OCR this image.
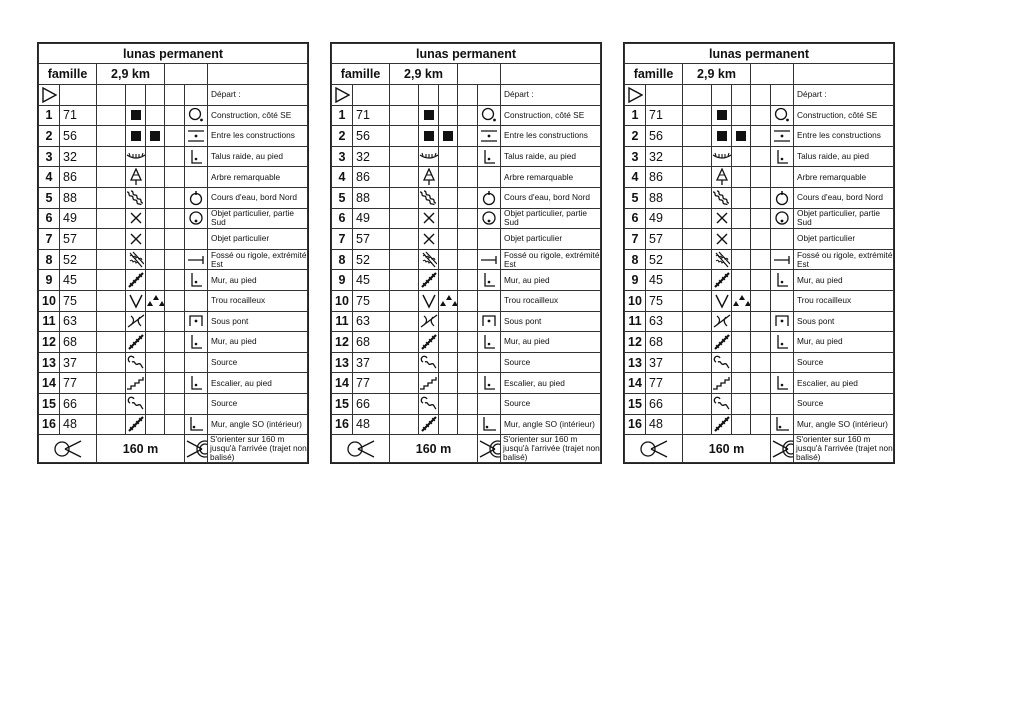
lunas permanent							
famille		2,9 km					

							Départ :
1	71						Construction, côté SE
2	56						Entre les constructions
3	32						Talus raide, au pied
4	86						Arbre remarquable
5	88						Cours d'eau, bord Nord
6	49						Objet particulier, partie Sud
7	57						Objet particulier
8	52						Fossé ou rigole, extrémité Est
9	45						Mur, au pied
10	75						Trou rocailleux
11	63						Sous pont
12	68						Mur, au pied
13	37						Source
14	77						Escalier, au pied
15	66						Source
16	48						Mur, angle SO (intérieur)

	160 m					S'orienter sur 160 m jusqu'à l'arrivée (trajet non balisé)
lunas permanent							
famille		2,9 km					

							Départ :
1	71						Construction, côté SE
2	56						Entre les constructions
3	32						Talus raide, au pied
4	86						Arbre remarquable
5	88						Cours d'eau, bord Nord
6	49						Objet particulier, partie Sud
7	57						Objet particulier
8	52						Fossé ou rigole, extrémité Est
9	45						Mur, au pied
10	75						Trou rocailleux
11	63						Sous pont
12	68						Mur, au pied
13	37						Source
14	77						Escalier, au pied
15	66						Source
16	48						Mur, angle SO (intérieur)

	160 m					S'orienter sur 160 m jusqu'à l'arrivée (trajet non balisé)
lunas permanent							
famille		2,9 km					

							Départ :
1	71						Construction, côté SE
2	56						Entre les constructions
3	32						Talus raide, au pied
4	86						Arbre remarquable
5	88						Cours d'eau, bord Nord
6	49						Objet particulier, partie Sud
7	57						Objet particulier
8	52						Fossé ou rigole, extrémité Est
9	45						Mur, au pied
10	75						Trou rocailleux
11	63						Sous pont
12	68						Mur, au pied
13	37						Source
14	77						Escalier, au pied
15	66						Source
16	48						Mur, angle SO (intérieur)

	160 m					S'orienter sur 160 m jusqu'à l'arrivée (trajet non balisé)
